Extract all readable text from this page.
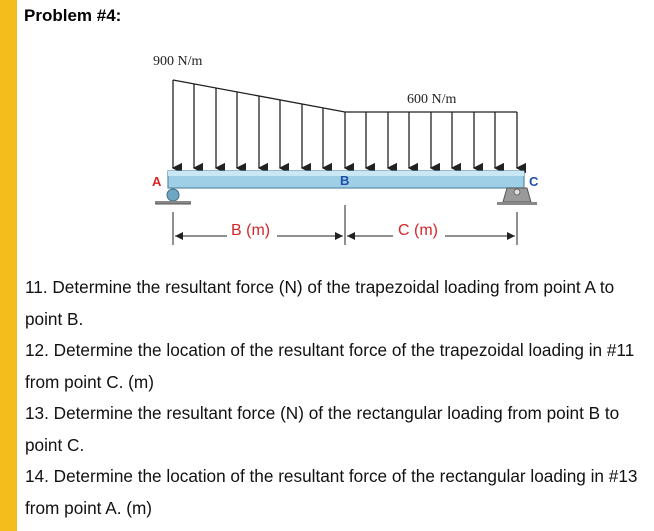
Problem #4:
900 N/m
600 N/m
A	B	C
B (m)	C (m)

11. Determine the resultant force (N) of the trapezoidal loading from point A to point B.

12. Determine the location of the resultant force of the trapezoidal loading in #11 from point C. (m)

13. Determine the resultant force (N) of the rectangular loading from point B to point C.

14. Determine the location of the resultant force of the rectangular loading in #13 from point A. (m)
